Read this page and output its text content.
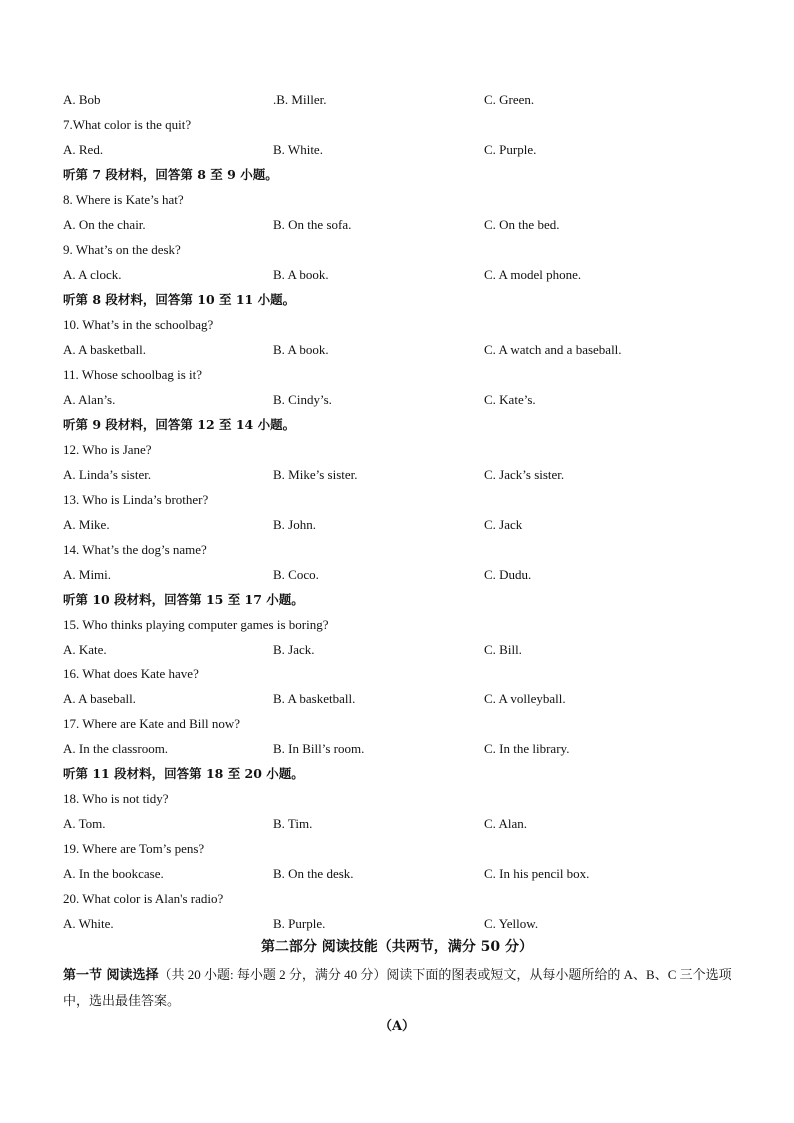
A. Bob	.B. Miller.	C. Green.
7.What color is the quit?
A. Red.	B. White.	C. Purple.
听第 7 段材料，回答第 8 至 9 小题。
8. Where is Kate’s hat?
A. On the chair.	B. On the sofa.	C. On the bed.
9. What’s on the desk?
A. A clock.	B. A book.	C. A model phone.
听第 8 段材料，回答第 10 至 11 小题。
10. What’s in the schoolbag?
A. A basketball.	B. A book.	C. A watch and a baseball.
11. Whose schoolbag is it?
A. Alan’s.	B. Cindy’s.	C. Kate’s.
听第 9 段材料，回答第 12 至 14 小题。
12. Who is Jane?
A. Linda’s sister.	B. Mike’s sister.	C. Jack’s sister.
13. Who is Linda’s brother?
A. Mike.	B. John.	C. Jack
14. What’s the dog’s name?
A. Mimi.	B. Coco.	C. Dudu.
听第 10 段材料，回答第 15 至 17 小题。
15. Who thinks playing computer games is boring?
A. Kate.	B. Jack.	C. Bill.
16. What does Kate have?
A. A baseball.	B. A basketball.	C. A volleyball.
17. Where are Kate and Bill now?
A. In the classroom.	B. In Bill’s room.	C. In the library.
听第 11 段材料，回答第 18 至 20 小题。
18. Who is not tidy?
A. Tom.	B. Tim.	C. Alan.
19. Where are Tom’s pens?
A. In the bookcase.	B. On the desk.	C. In his pencil box.
20. What color is Alan's radio?
A. White.	B. Purple.	C. Yellow.
第二部分 阅读技能（共两节，满分 50 分）
第一节 阅读选择（共 20 小题: 每小题 2 分，满分 40 分）阅读下面的图表或短文，从每小题所给的 A、B、C 三个选项中，选出最佳答案。
（A）
